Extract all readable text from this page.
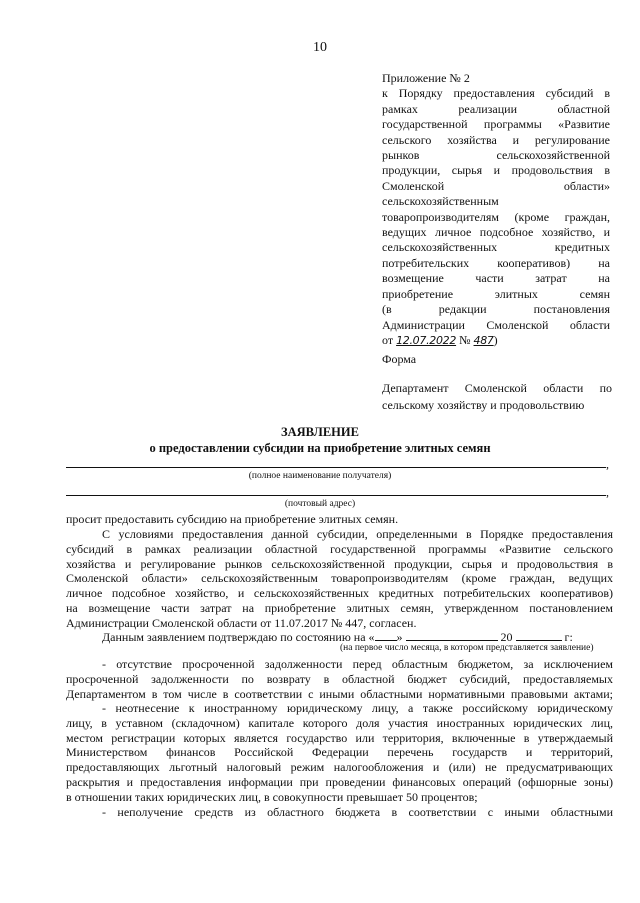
10
Приложение № 2
к Порядку предоставления субсидий в
рамках реализации областной
государственной программы «Развитие
сельского хозяйства и регулирование
рынков сельскохозяйственной
продукции, сырья и продовольствия в
Смоленской области»
сельскохозяйственным
товаропроизводителям (кроме граждан,
ведущих личное подсобное хозяйство, и
сельскохозяйственных кредитных
потребительских кооперативов) на
возмещение части затрат на
приобретение элитных семян
(в редакции постановления
Администрации Смоленской области
от 12.07.2022 № 487)
Форма
Департамент Смоленской области по
сельскому хозяйству и продовольствию
ЗАЯВЛЕНИЕ
о предоставлении субсидии на приобретение элитных семян
,
(полное наименование получателя)
,
(почтовый адрес)
просит предоставить субсидию на приобретение элитных семян.
С условиями предоставления данной субсидии, определенными в Порядке предоставления
субсидий в рамках реализации областной государственной программы «Развитие сельского
хозяйства и регулирование рынков сельскохозяйственной продукции, сырья и продовольствия в
Смоленской области» сельскохозяйственным товаропроизводителям (кроме граждан, ведущих
личное подсобное хозяйство, и сельскохозяйственных кредитных потребительских кооперативов)
на возмещение части затрат на приобретение элитных семян, утвержденном постановлением
Администрации Смоленской области от 11.07.2017 № 447, согласен.
Данным заявлением подтверждаю по состоянию на « »	20	г:
(на первое число месяца, в котором представляется заявление)
- отсутствие просроченной задолженности перед областным бюджетом, за исключением
просроченной задолженности по возврату в областной бюджет субсидий, предоставляемых
Департаментом в том числе в соответствии с иными областными нормативными правовыми актами;
- неотнесение к иностранному юридическому лицу, а также российскому юридическому
лицу, в уставном (складочном) капитале которого доля участия иностранных юридических лиц,
местом регистрации которых является государство или территория, включенные в утверждаемый
Министерством финансов Российской Федерации перечень государств и территорий,
предоставляющих льготный налоговый режим налогообложения и (или) не предусматривающих
раскрытия и предоставления информации при проведении финансовых операций (офшорные зоны)
в отношении таких юридических лиц, в совокупности превышает 50 процентов;
- неполучение средств из областного бюджета в соответствии с иными областными
